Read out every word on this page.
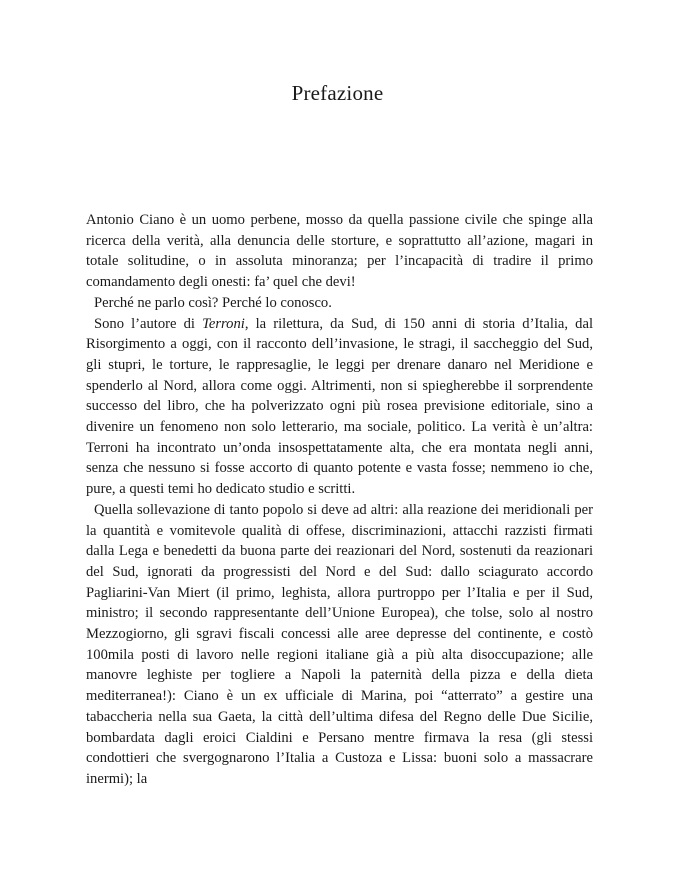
Prefazione

Antonio Ciano è un uomo perbene, mosso da quella passione civile che spinge alla ricerca della verità, alla denuncia delle storture, e soprattutto all’azione, magari in totale solitudine, o in assoluta minoranza; per l’incapacità di tradire il primo comandamento degli onesti: fa’ quel che devi!

Perché ne parlo così? Perché lo conosco.

Sono l’autore di Terroni, la rilettura, da Sud, di 150 anni di storia d’Italia, dal Risorgimento a oggi, con il racconto dell’invasione, le stragi, il saccheggio del Sud, gli stupri, le torture, le rappresaglie, le leggi per drenare danaro nel Meridione e spenderlo al Nord, allora come oggi. Altrimenti, non si spiegherebbe il sorprendente successo del libro, che ha polverizzato ogni più rosea previsione editoriale, sino a divenire un fenomeno non solo letterario, ma sociale, politico. La verità è un’altra: Terroni ha incontrato un’onda insospettatamente alta, che era montata negli anni, senza che nessuno si fosse accorto di quanto potente e vasta fosse; nemmeno io che, pure, a questi temi ho dedicato studio e scritti.

Quella sollevazione di tanto popolo si deve ad altri: alla reazione dei meridionali per la quantità e vomitevole qualità di offese, discriminazioni, attacchi razzisti firmati dalla Lega e benedetti da buona parte dei reazionari del Nord, sostenuti da reazionari del Sud, ignorati da progressisti del Nord e del Sud: dallo sciagurato accordo Pagliarini-Van Miert (il primo, leghista, allora purtroppo per l’Italia e per il Sud, ministro; il secondo rappresentante dell’Unione Europea), che tolse, solo al nostro Mezzogiorno, gli sgravi fiscali concessi alle aree depresse del continente, e costò 100mila posti di lavoro nelle regioni italiane già a più alta disoccupazione; alle manovre leghiste per togliere a Napoli la paternità della pizza e della dieta mediterranea!): Ciano è un ex ufficiale di Marina, poi “atterrato” a gestire una tabaccheria nella sua Gaeta, la città dell’ultima difesa del Regno delle Due Sicilie, bombardata dagli eroici Cialdini e Persano mentre firmava la resa (gli stessi condottieri che svergognarono l’Italia a Custoza e Lissa: buoni solo a massacrare inermi); la
